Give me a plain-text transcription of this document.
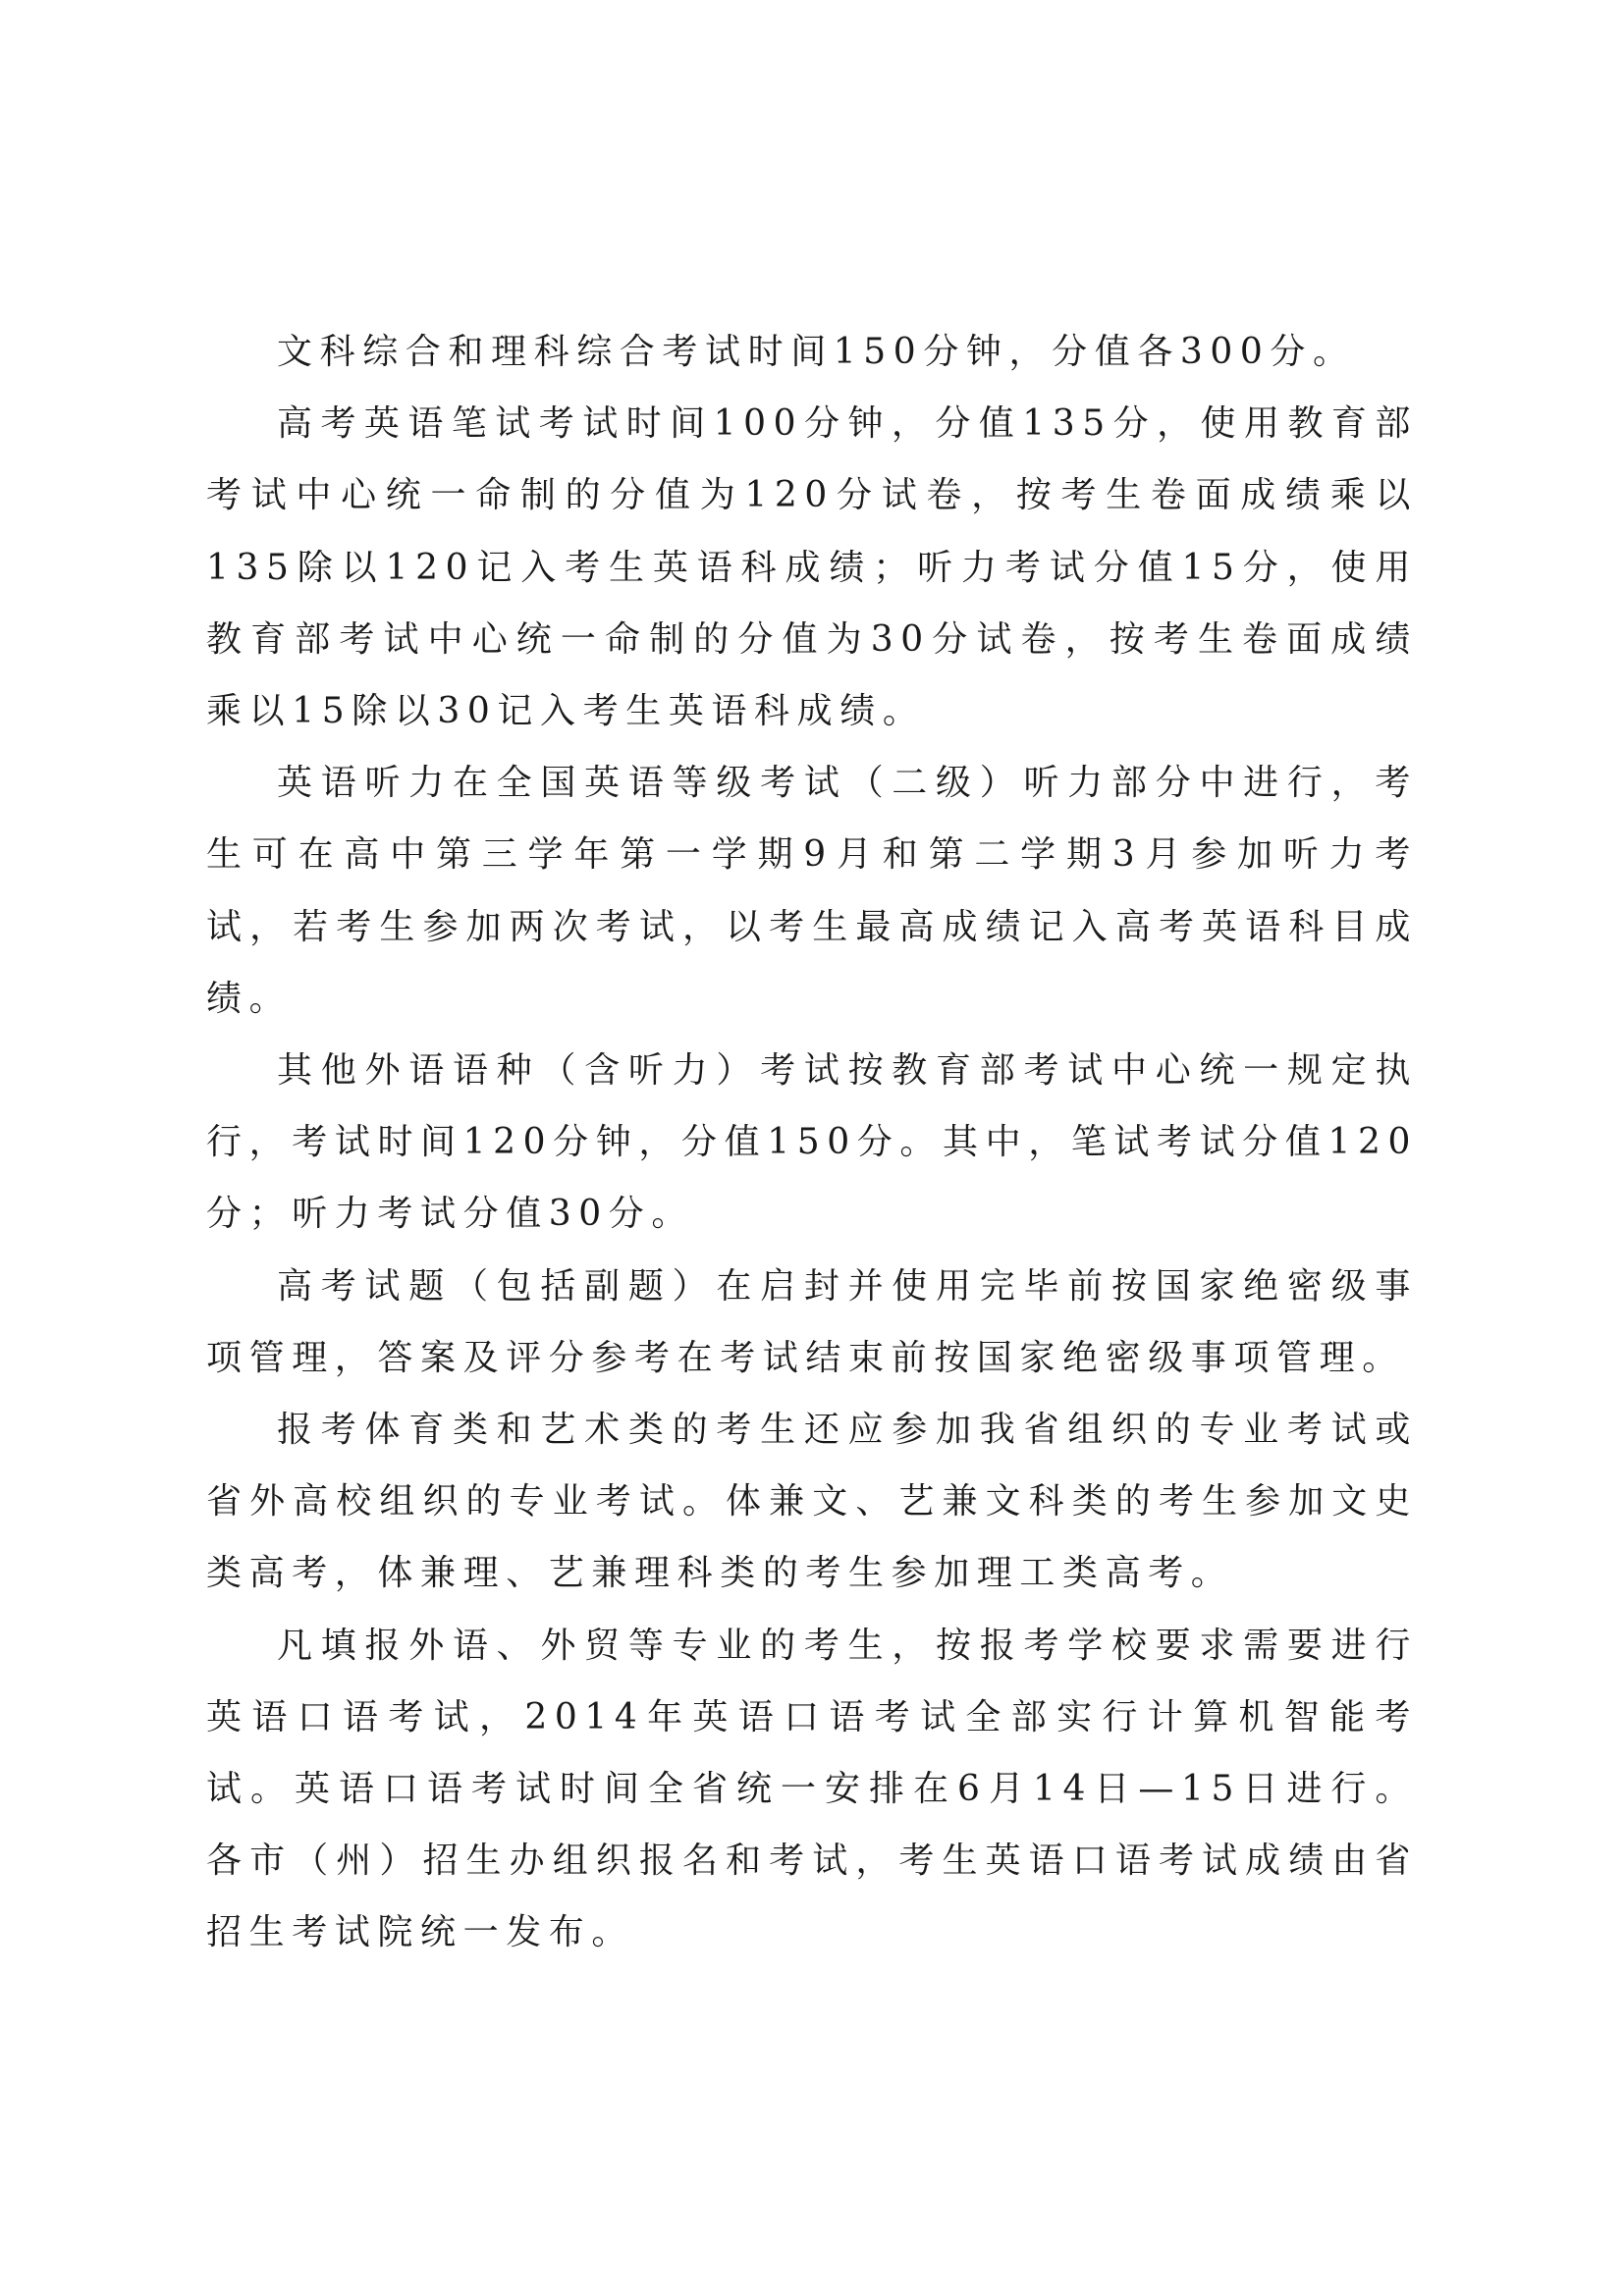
文科综合和理科综合考试时间150分钟，分值各300分。

高考英语笔试考试时间100分钟，分值135分，使用教育部考试中心统一命制的分值为120分试卷，按考生卷面成绩乘以135除以120记入考生英语科成绩；听力考试分值15分，使用教育部考试中心统一命制的分值为30分试卷，按考生卷面成绩乘以15除以30记入考生英语科成绩。

英语听力在全国英语等级考试（二级）听力部分中进行，考生可在高中第三学年第一学期9月和第二学期3月参加听力考试，若考生参加两次考试，以考生最高成绩记入高考英语科目成绩。

其他外语语种（含听力）考试按教育部考试中心统一规定执行，考试时间120分钟，分值150分。其中，笔试考试分值120分；听力考试分值30分。

高考试题（包括副题）在启封并使用完毕前按国家绝密级事项管理，答案及评分参考在考试结束前按国家绝密级事项管理。

报考体育类和艺术类的考生还应参加我省组织的专业考试或省外高校组织的专业考试。体兼文、艺兼文科类的考生参加文史类高考，体兼理、艺兼理科类的考生参加理工类高考。

凡填报外语、外贸等专业的考生，按报考学校要求需要进行英语口语考试，2014年英语口语考试全部实行计算机智能考试。英语口语考试时间全省统一安排在6月14日—15日进行。各市（州）招生办组织报名和考试，考生英语口语考试成绩由省招生考试院统一发布。
